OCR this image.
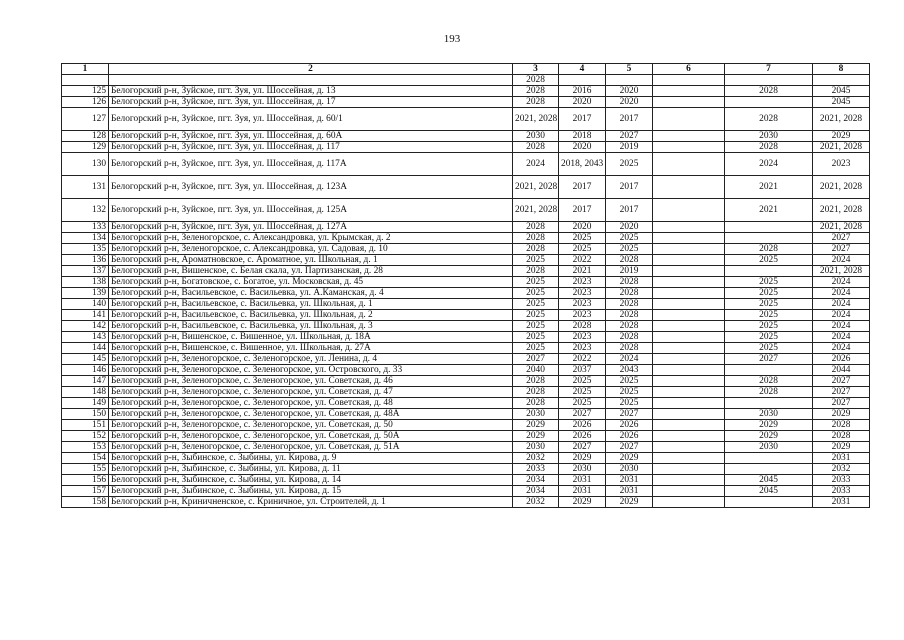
193
1	2	3	4	5	6	7	8
		2028					
125	Белогорский р-н, Зуйское, пгт. Зуя, ул. Шоссейная, д. 13	2028	2016	2020		2028	2045
126	Белогорский р-н, Зуйское, пгт. Зуя, ул. Шоссейная, д. 17	2028	2020	2020			2045
127	Белогорский р-н, Зуйское, пгт. Зуя, ул. Шоссейная, д. 60/1	2021, 2028	2017	2017		2028	2021, 2028
128	Белогорский р-н, Зуйское, пгт. Зуя, ул. Шоссейная, д. 60А	2030	2018	2027		2030	2029
129	Белогорский р-н, Зуйское, пгт. Зуя, ул. Шоссейная, д. 117	2028	2020	2019		2028	2021, 2028
130	Белогорский р-н, Зуйское, пгт. Зуя, ул. Шоссейная, д. 117А	2024	2018, 2043	2025		2024	2023
131	Белогорский р-н, Зуйское, пгт. Зуя, ул. Шоссейная, д. 123А	2021, 2028	2017	2017		2021	2021, 2028
132	Белогорский р-н, Зуйское, пгт. Зуя, ул. Шоссейная, д. 125А	2021, 2028	2017	2017		2021	2021, 2028
133	Белогорский р-н, Зуйское, пгт. Зуя, ул. Шоссейная, д. 127А	2028	2020	2020			2021, 2028
134	Белогорский р-н, Зеленогорское, с. Александровка, ул. Крымская, д. 2	2028	2025	2025			2027
135	Белогорский р-н, Зеленогорское, с. Александровка, ул. Садовая, д. 10	2028	2025	2025		2028	2027
136	Белогорский р-н, Ароматновское, с. Ароматное, ул. Школьная, д. 1	2025	2022	2028		2025	2024
137	Белогорский р-н, Вишенское, с. Белая скала, ул. Партизанская, д. 28	2028	2021	2019			2021, 2028
138	Белогорский р-н, Богатовское, с. Богатое, ул. Московская, д. 45	2025	2023	2028		2025	2024
139	Белогорский р-н, Васильевское, с. Васильевка, ул. А.Каманская, д. 4	2025	2023	2028		2025	2024
140	Белогорский р-н, Васильевское, с. Васильевка, ул. Школьная, д. 1	2025	2023	2028		2025	2024
141	Белогорский р-н, Васильевское, с. Васильевка, ул. Школьная, д. 2	2025	2023	2028		2025	2024
142	Белогорский р-н, Васильевское, с. Васильевка, ул. Школьная, д. 3	2025	2028	2028		2025	2024
143	Белогорский р-н, Вишенское, с. Вишенное, ул. Школьная, д. 18А	2025	2023	2028		2025	2024
144	Белогорский р-н, Вишенское, с. Вишенное, ул. Школьная, д. 27А	2025	2023	2028		2025	2024
145	Белогорский р-н, Зеленогорское, с. Зеленогорское, ул. Ленина, д. 4	2027	2022	2024		2027	2026
146	Белогорский р-н, Зеленогорское, с. Зеленогорское, ул. Островского, д. 33	2040	2037	2043			2044
147	Белогорский р-н, Зеленогорское, с. Зеленогорское, ул. Советская, д. 46	2028	2025	2025		2028	2027
148	Белогорский р-н, Зеленогорское, с. Зеленогорское, ул. Советская, д. 47	2028	2025	2025		2028	2027
149	Белогорский р-н, Зеленогорское, с. Зеленогорское, ул. Советская, д. 48	2028	2025	2025			2027
150	Белогорский р-н, Зеленогорское, с. Зеленогорское, ул. Советская, д. 48А	2030	2027	2027		2030	2029
151	Белогорский р-н, Зеленогорское, с. Зеленогорское, ул. Советская, д. 50	2029	2026	2026		2029	2028
152	Белогорский р-н, Зеленогорское, с. Зеленогорское, ул. Советская, д. 50А	2029	2026	2026		2029	2028
153	Белогорский р-н, Зеленогорское, с. Зеленогорское, ул. Советская, д. 51А	2030	2027	2027		2030	2029
154	Белогорский р-н, Зыбинское, с. Зыбины, ул. Кирова, д. 9	2032	2029	2029			2031
155	Белогорский р-н, Зыбинское, с. Зыбины, ул. Кирова, д. 11	2033	2030	2030			2032
156	Белогорский р-н, Зыбинское, с. Зыбины, ул. Кирова, д. 14	2034	2031	2031		2045	2033
157	Белогорский р-н, Зыбинское, с. Зыбины, ул. Кирова, д. 15	2034	2031	2031		2045	2033
158	Белогорский р-н, Криничненское, с. Криничное, ул. Строителей, д. 1	2032	2029	2029			2031
